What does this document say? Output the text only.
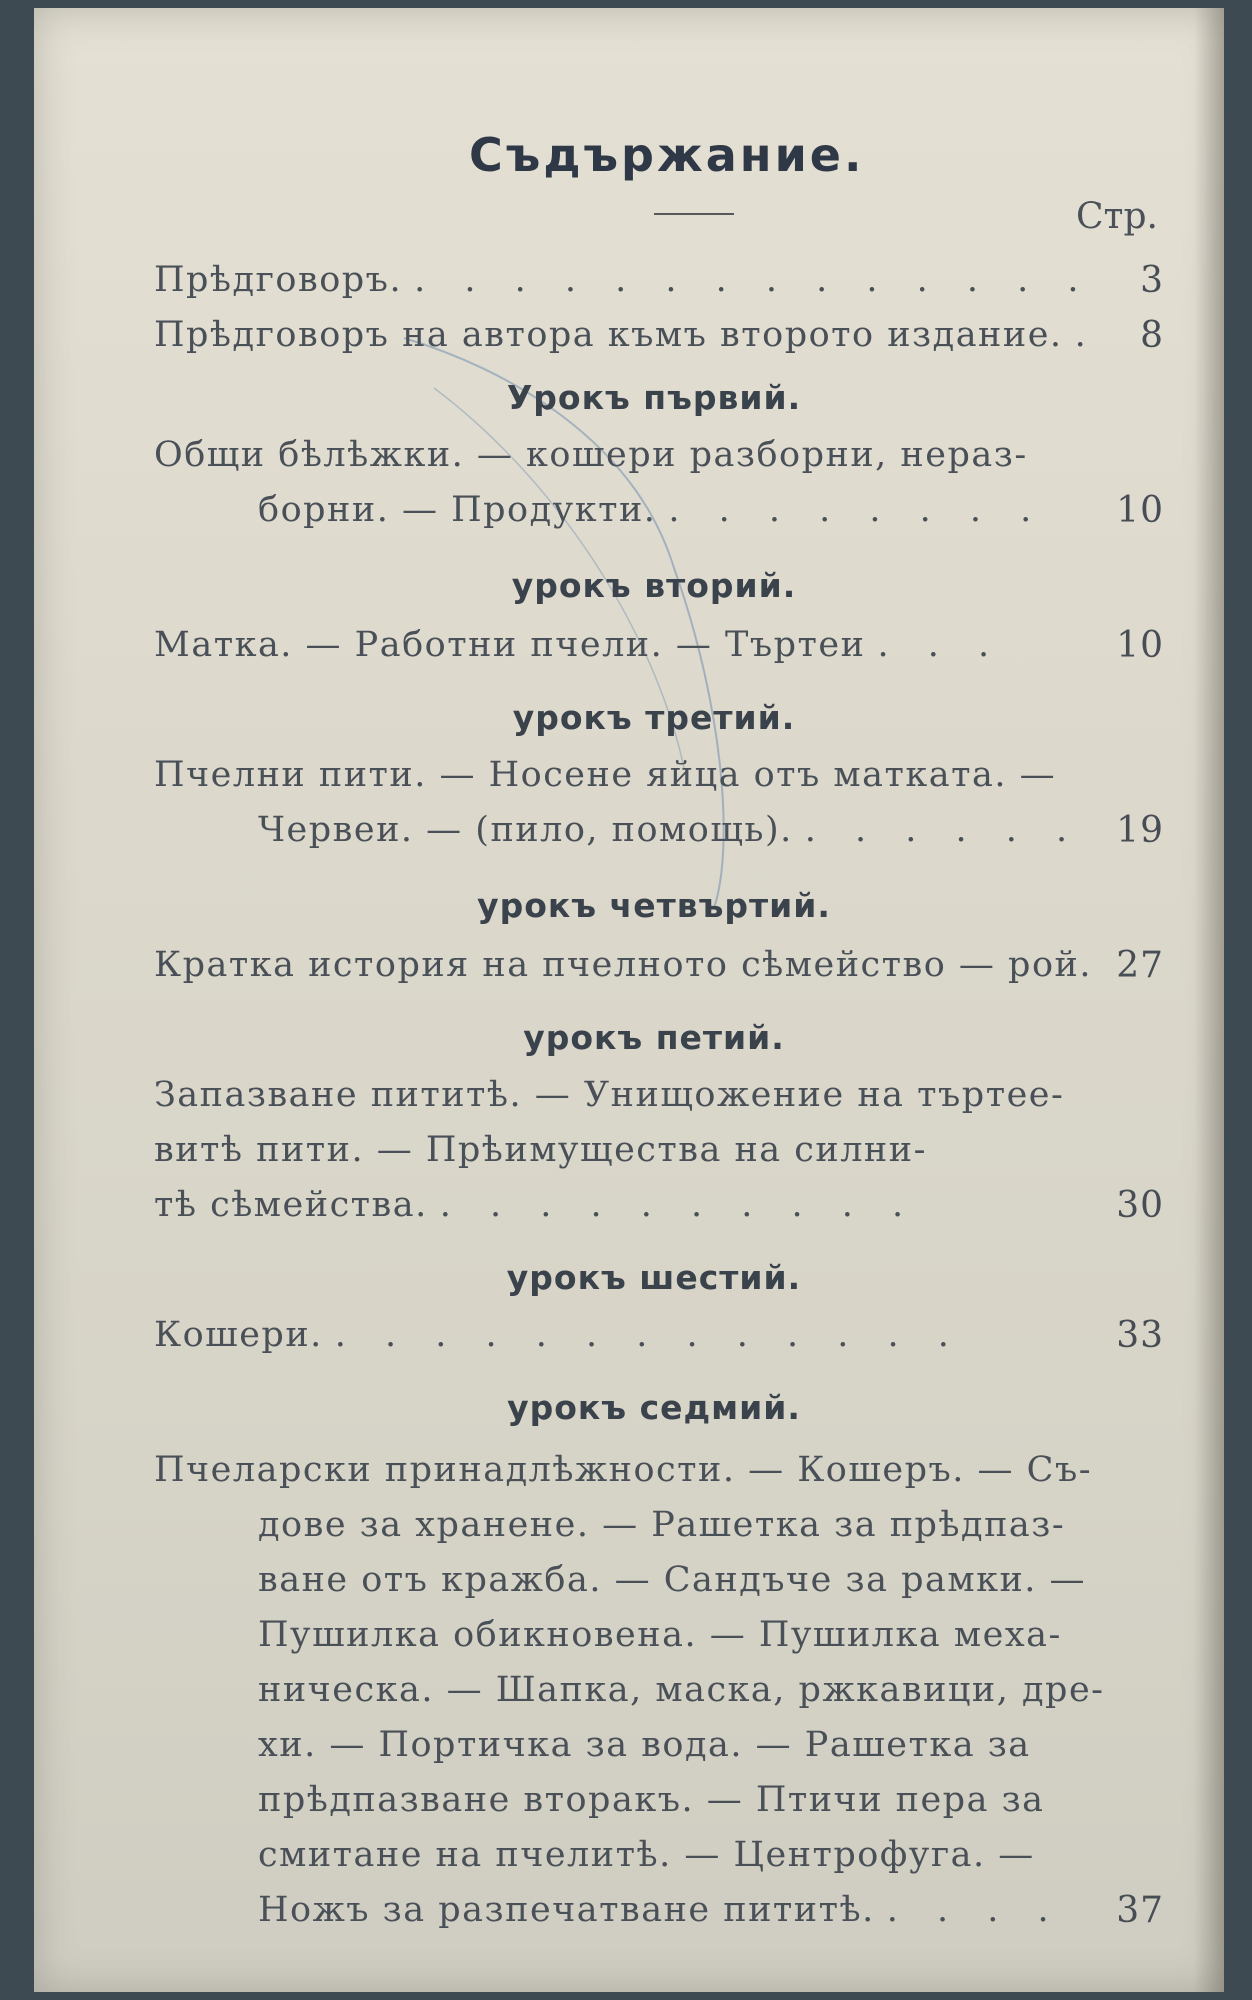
Съдържание.
Стр.
Прѣдговоръ. . . . . . . . . . . . . . . 3
Прѣдговоръ на автора къмъ второто издание. . 8
Урокъ първий.
Общи бѣлѣжки. — кошери разборни, нераз-
борни. — Продукти. . . . . . . . . 10
урокъ вторий.
Матка. — Работни пчели. — Търтеи . . .	10
урокъ третий.
Пчелни пити. — Носене яйца отъ матката. —
Червеи. — (пило, помощь). . . . . . . 19
урокъ четвъртий.
Кратка история на пчелното сѣмейство — рой. 27
урокъ петий.
Запазване пититѣ. — Унищожение на търтее-
витѣ пити. — Прѣимущества на силни-
тѣ сѣмейства. . . . . . . . . . .	30
урокъ шестий.
Кошери. . . . . . . . . . . . . .	33
урокъ седмий.
Пчеларски принадлѣжности. — Кошеръ. — Съ-
дове за хранене. — Рашетка за прѣдпаз-
ване отъ кражба. — Сандъче за рамки. —
Пушилка обикновена. — Пушилка меха-
ническа. — Шапка, маска, ржкавици, дре-
хи. — Портичка за вода. — Рашетка за
прѣдпазване вторакъ. — Птичи пера за
смитане на пчелитѣ. — Центрофуга. —
Ножъ за разпечатване пититѣ. . . . . 37
